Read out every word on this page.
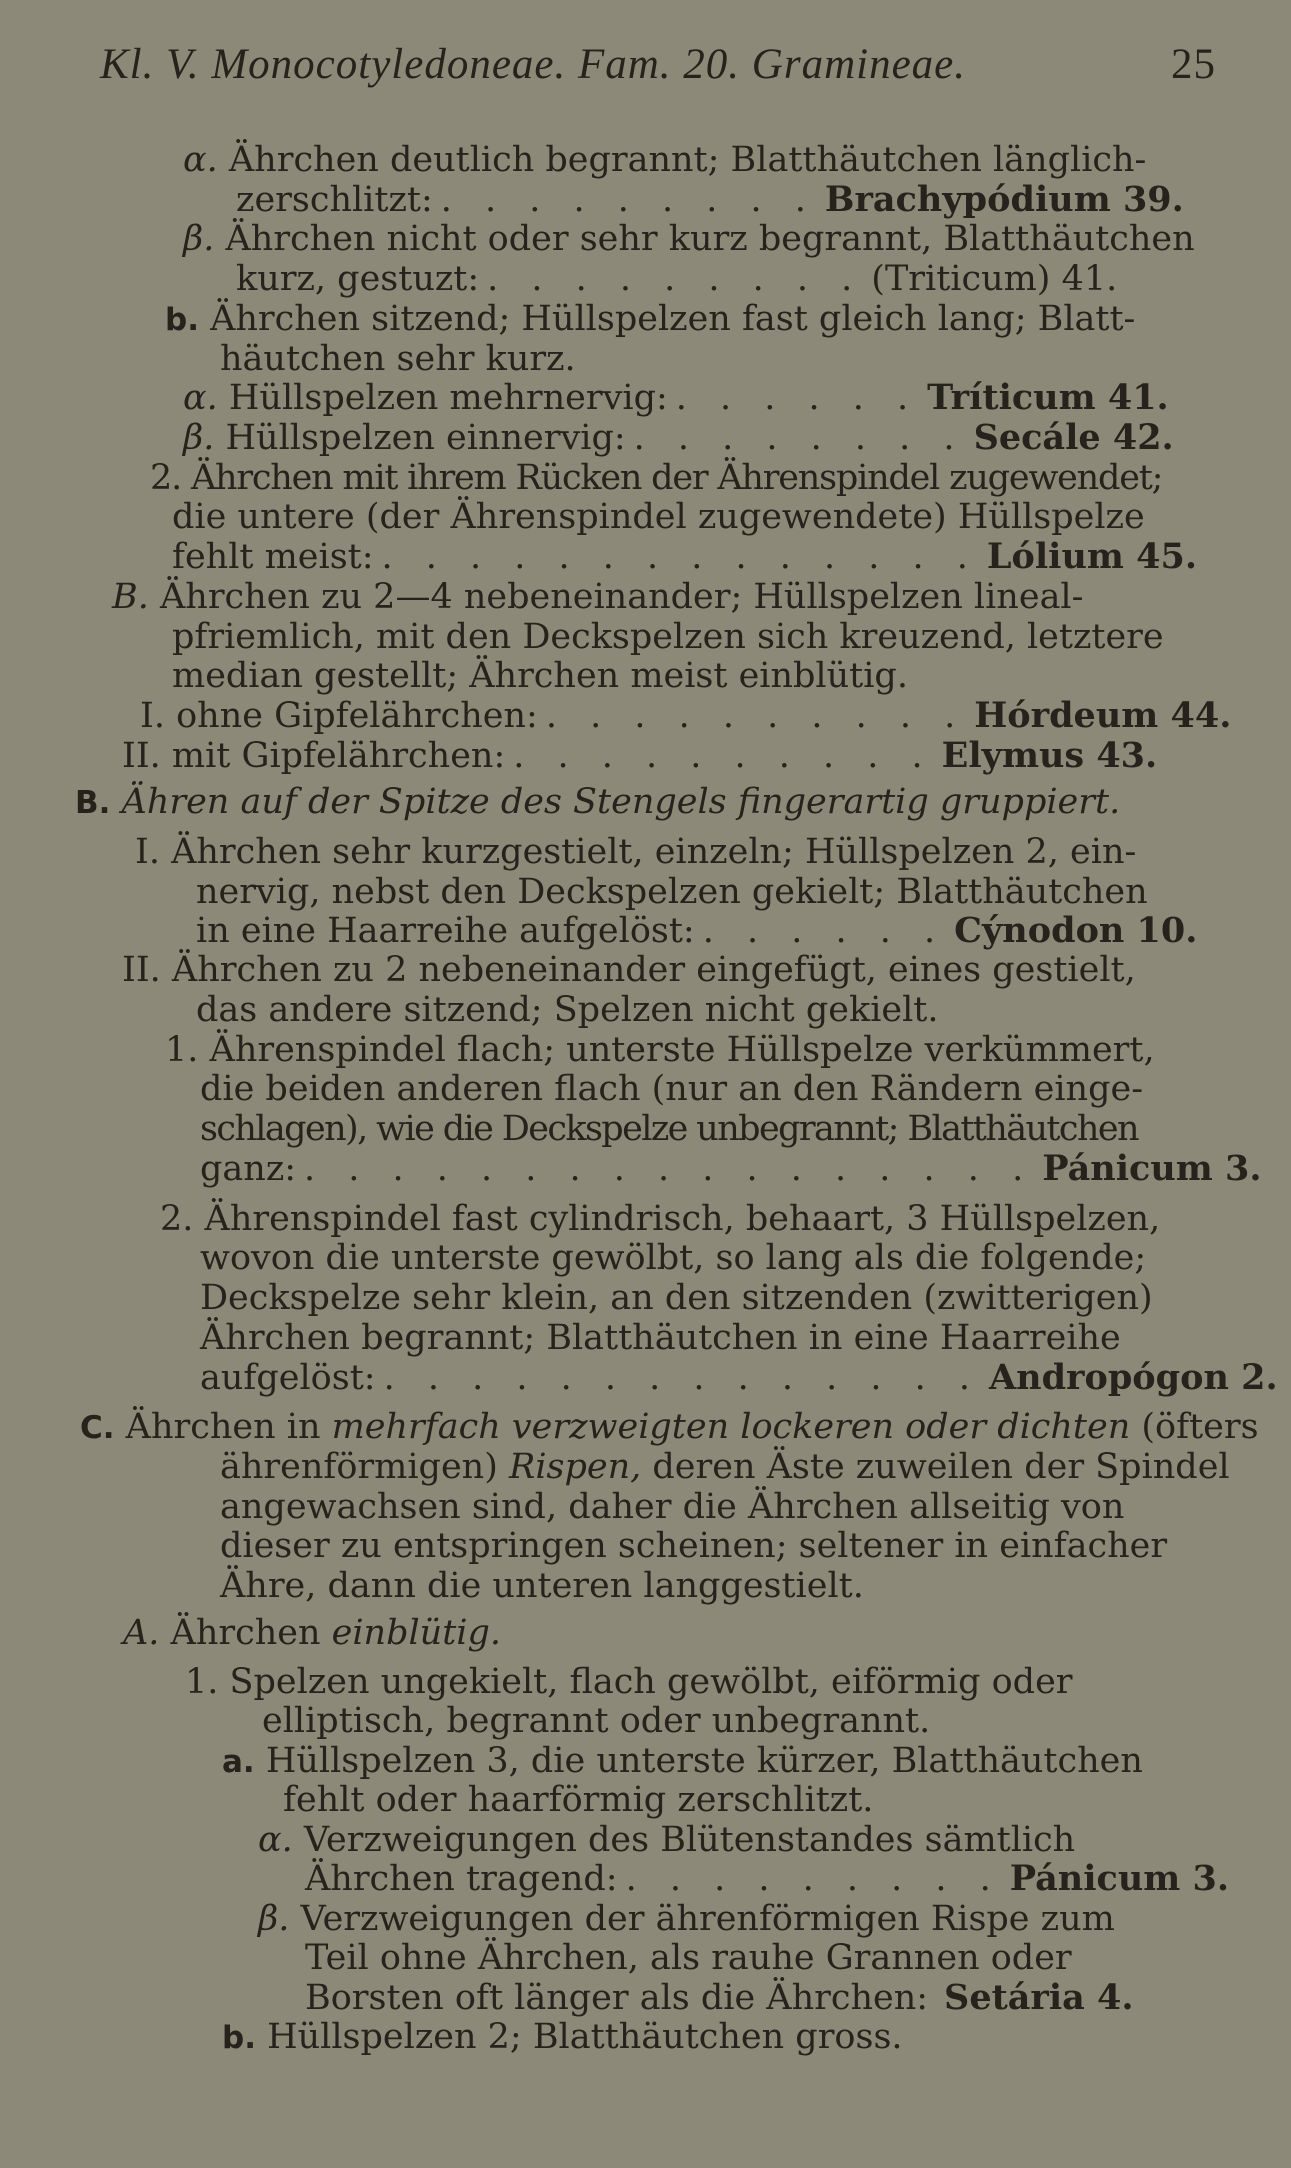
Kl. V. Monocotyledoneae. Fam. 20. Gramineae.	25
α. Ährchen deutlich begrannt; Blatthäutchen länglich-
zerschlitzt: . . . . . . . . . Brachypódium 39.
β. Ährchen nicht oder sehr kurz begrannt, Blatthäutchen
kurz, gestuzt: . . . . . . . . . (Triticum) 41.
b. Ährchen sitzend; Hüllspelzen fast gleich lang; Blatt-
häutchen sehr kurz.
α. Hüllspelzen mehrnervig: . . . . . . Tríticum 41.
β. Hüllspelzen einnervig: . . . . . . . . Secále 42.
2. Ährchen mit ihrem Rücken der Ährenspindel zugewendet;
die untere (der Ährenspindel zugewendete) Hüllspelze
fehlt meist: . . . . . . . . . . . . . . Lólium 45.
B. Ährchen zu 2—4 nebeneinander; Hüllspelzen lineal-
pfriemlich, mit den Deckspelzen sich kreuzend, letztere
median gestellt; Ährchen meist einblütig.
I. ohne Gipfelährchen: . . . . . . . . . . Hórdeum 44.
II. mit Gipfelährchen: . . . . . . . . . . Elymus 43.
B. Ähren auf der Spitze des Stengels fingerartig gruppiert.
I. Ährchen sehr kurzgestielt, einzeln; Hüllspelzen 2, ein-
nervig, nebst den Deckspelzen gekielt; Blatthäutchen
in eine Haarreihe aufgelöst: . . . . . . Cýnodon 10.
II. Ährchen zu 2 nebeneinander eingefügt, eines gestielt,
das andere sitzend; Spelzen nicht gekielt.
1. Ährenspindel flach; unterste Hüllspelze verkümmert,
die beiden anderen flach (nur an den Rändern einge-
schlagen), wie die Deckspelze unbegrannt; Blatthäutchen
ganz: . . . . . . . . . . . . . . . . . Pánicum 3.
2. Ährenspindel fast cylindrisch, behaart, 3 Hüllspelzen,
wovon die unterste gewölbt, so lang als die folgende;
Deckspelze sehr klein, an den sitzenden (zwitterigen)
Ährchen begrannt; Blatthäutchen in eine Haarreihe
aufgelöst: . . . . . . . . . . . . . . Andropógon 2.
C. Ährchen in mehrfach verzweigten lockeren oder dichten (öfters
ährenförmigen) Rispen, deren Äste zuweilen der Spindel
angewachsen sind, daher die Ährchen allseitig von
dieser zu entspringen scheinen; seltener in einfacher
Ähre, dann die unteren langgestielt.
A. Ährchen einblütig.
1. Spelzen ungekielt, flach gewölbt, eiförmig oder
elliptisch, begrannt oder unbegrannt.
a. Hüllspelzen 3, die unterste kürzer, Blatthäutchen
fehlt oder haarförmig zerschlitzt.
α. Verzweigungen des Blütenstandes sämtlich
Ährchen tragend: . . . . . . . . . Pánicum 3.
β. Verzweigungen der ährenförmigen Rispe zum
Teil ohne Ährchen, als rauhe Grannen oder
Borsten oft länger als die Ährchen: Setária 4.
b. Hüllspelzen 2; Blatthäutchen gross.
